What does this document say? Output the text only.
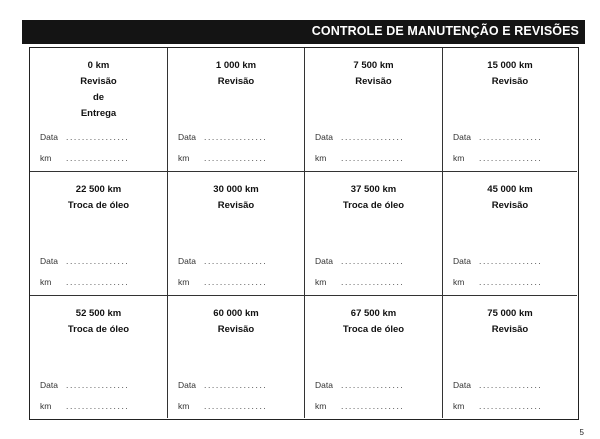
CONTROLE DE MANUTENÇÃO E REVISÕES
0 km
Revisão
de
Entrega
Data ................
km ................
1 000 km
Revisão
Data ................
km ................
7 500 km
Revisão
Data ................
km ................
15 000 km
Revisão
Data ................
km ................
22 500 km
Troca de óleo
Data ................
km ................
30 000 km
Revisão
Data ................
km ................
37 500 km
Troca de óleo
Data ................
km ................
45 000 km
Revisão
Data ................
km ................
52 500 km
Troca de óleo
Data ................
km ................
60 000 km
Revisão
Data ................
km ................
67 500 km
Troca de óleo
Data ................
km ................
75 000 km
Revisão
Data ................
km ................
5
